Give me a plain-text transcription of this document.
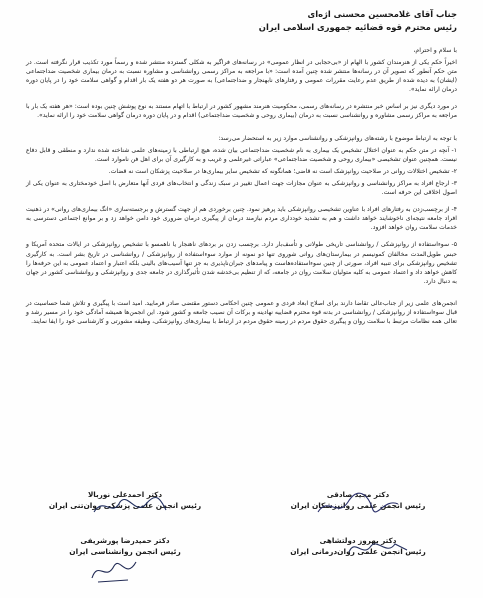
جناب آقای غلامحسین محسنی اژه‌ای
رئیس محترم قوه قضائیه جمهوری اسلامی ایران
با سلام و احترام،
اخیراً حکم یکی از هنرمندان کشور با الهام از «بی‌حجابی در انظار عمومی» در رسانه‌های فراگیر به شکلی گسترده منتشر شده و رسماً مورد تکذیب قرار نگرفته است. در متن حکم آنطور که تصویر آن در رسانه‌ها منتشر شده چنین آمده است: «با مراجعه به مراکز رسمی روانشناسی و مشاوره نسبت به درمان بیماری شخصیت ضداجتماعی (ایشان) به دیده شده از طریق عدم رعایت مقررات عمومی و رفتارهای نابهنجار و ضداجتماعی) به صورت هر دو هفته یک بار اقدام و گواهی سلامت خود را در پایان دوره درمان ارائه نماید».
در مورد دیگری نیز بر اساس خبر منتشره در رسانه‌های رسمی، محکومیت هنرمند مشهور کشور در ارتباط با اتهام مستند به نوع پوشش چنین بوده است: «هر هفته یک بار با مراجعه به مراکز رسمی مشاوره و روانشناسی نسبت به درمان (بیماری روحی و شخصیت ضداجتماعی) اقدام و در پایان دوره درمان گواهی سلامت خود را ارائه نماید».
با توجه به ارتباط موضوع با رشته‌های روانپزشکی و روانشناسی موارد زیر به استحضار می‌رسد:
۱- آنچه در متن حکم به عنوان اختلال تشخیص یک بیماری به نام شخصیت ضداجتماعی بیان شده، هیچ ارتباطی با زمینه‌های علمی شناخته شده ندارد و منطقی و قابل دفاع نیست. همچنین عنوان تشخیصی «بیماری روحی و شخصیت ضداجتماعی» عباراتی غیرعلمی و غریب و به کارگیری آن برای اهل فن ناموارد است.
۲- تشخیص اختلالات روانی در صلاحیت روانپزشک است نه قاضی؛ همانگونه که تشخیص سایر بیماری‌ها در صلاحیت پزشکان است نه قضات.
۳- ارجاع افراد به مراکز روانشناسی و روانپزشکی به عنوان مجازات جهت اعمال تغییر در سبک زندگی و انتخاب‌های فردی آنها متعارض با اصل خودمختاری به عنوان یکی از اصول اخلاقی این حرفه است.
۴- از برچسب‌زدن به رفتارهای افراد با عناوین تشخیصی روانپزشکی باید پرهیز نمود. چنین برخوردی هم از جهت گسترش و برجسته‌سازی «انگ بیماری‌های روانی» در ذهنیت افراد جامعه نتیجه‌ای ناخوشایند خواهد داشت و هم به تشدید خودداری مردم نیازمند درمان از پیگیری درمان ضروری خود دامن خواهد زد و بر موانع اجتماعی دسترسی به خدمات سلامت روان خواهد افزود.
۵- سوءاستفاده از روانپزشکی / روانشناسی تاریخی طولانی و تأسف‌بار دارد. برچسب زدن بر بردهای ناهنجار یا ناهمسو با تشخیص روانپزشکی در ایالات متحده آمریکا و حبس طویل‌المدت مخالفان کمونیسم در بیمارستان‌های روانی شوروی تنها دو نمونه از موارد سوءاستفاده از روانپزشکی / روانشناسی در تاریخ بشر است. به کارگیری تشخیص روانپزشکی برای تنبیه افراد، صورتی از چنین سوءاستفاده‌هاست و پیامدهای جبران‌ناپذیری به جز تنها آسیب‌های بالینی بلکه اعتبار و اعتماد عمومی به این حرفه‌ها را کاهش خواهد داد و اعتماد عمومی به کلیه متولیان سلامت روان در جامعه، که از تنظیم بی‌خدشه شدن تأثیرگذاری در جامعه جدی و روانپزشکی و روانشناسی کشور در جهان به دنبال دارد.
انجمن‌های علمی زیر از جناب‌عالی تقاضا دارند برای اصلاح ابعاد فردی و عمومی چنین احکامی دستور مقتضی صادر فرمایید. امید است با پیگیری و تلاش شما حساسیت در قبال سوءاستفاده از روانپزشکی / روانشناسی در بدنه قوه محترم قضاییه نهادینه و برکات آن نصیب جامعه و کشور شود. این انجمن‌ها همیشه آمادگی خود را در مسیر رشد و تعالی همه نظامات مرتبط با سلامت روان و پیگیری حقوق مردم در زمینه حقوق مردم در ارتباط با بیماری‌های روانپزشکی، وظیفه مشورتی و کارشناسی خود را ایفا نمایند.
دکتر مجید صادقی
رئیس انجمن علمی روانپزشکان ایران
دکتر احمدعلی نوربالا
رئیس انجمن علمی پزشکی روان‌تنی ایران
دکتر بهروز دولتشاهی
رئیس انجمن علمی روان‌درمانی ایران
دکتر حمیدرضا پورشریفی
رئیس انجمن روانشناسی ایران
